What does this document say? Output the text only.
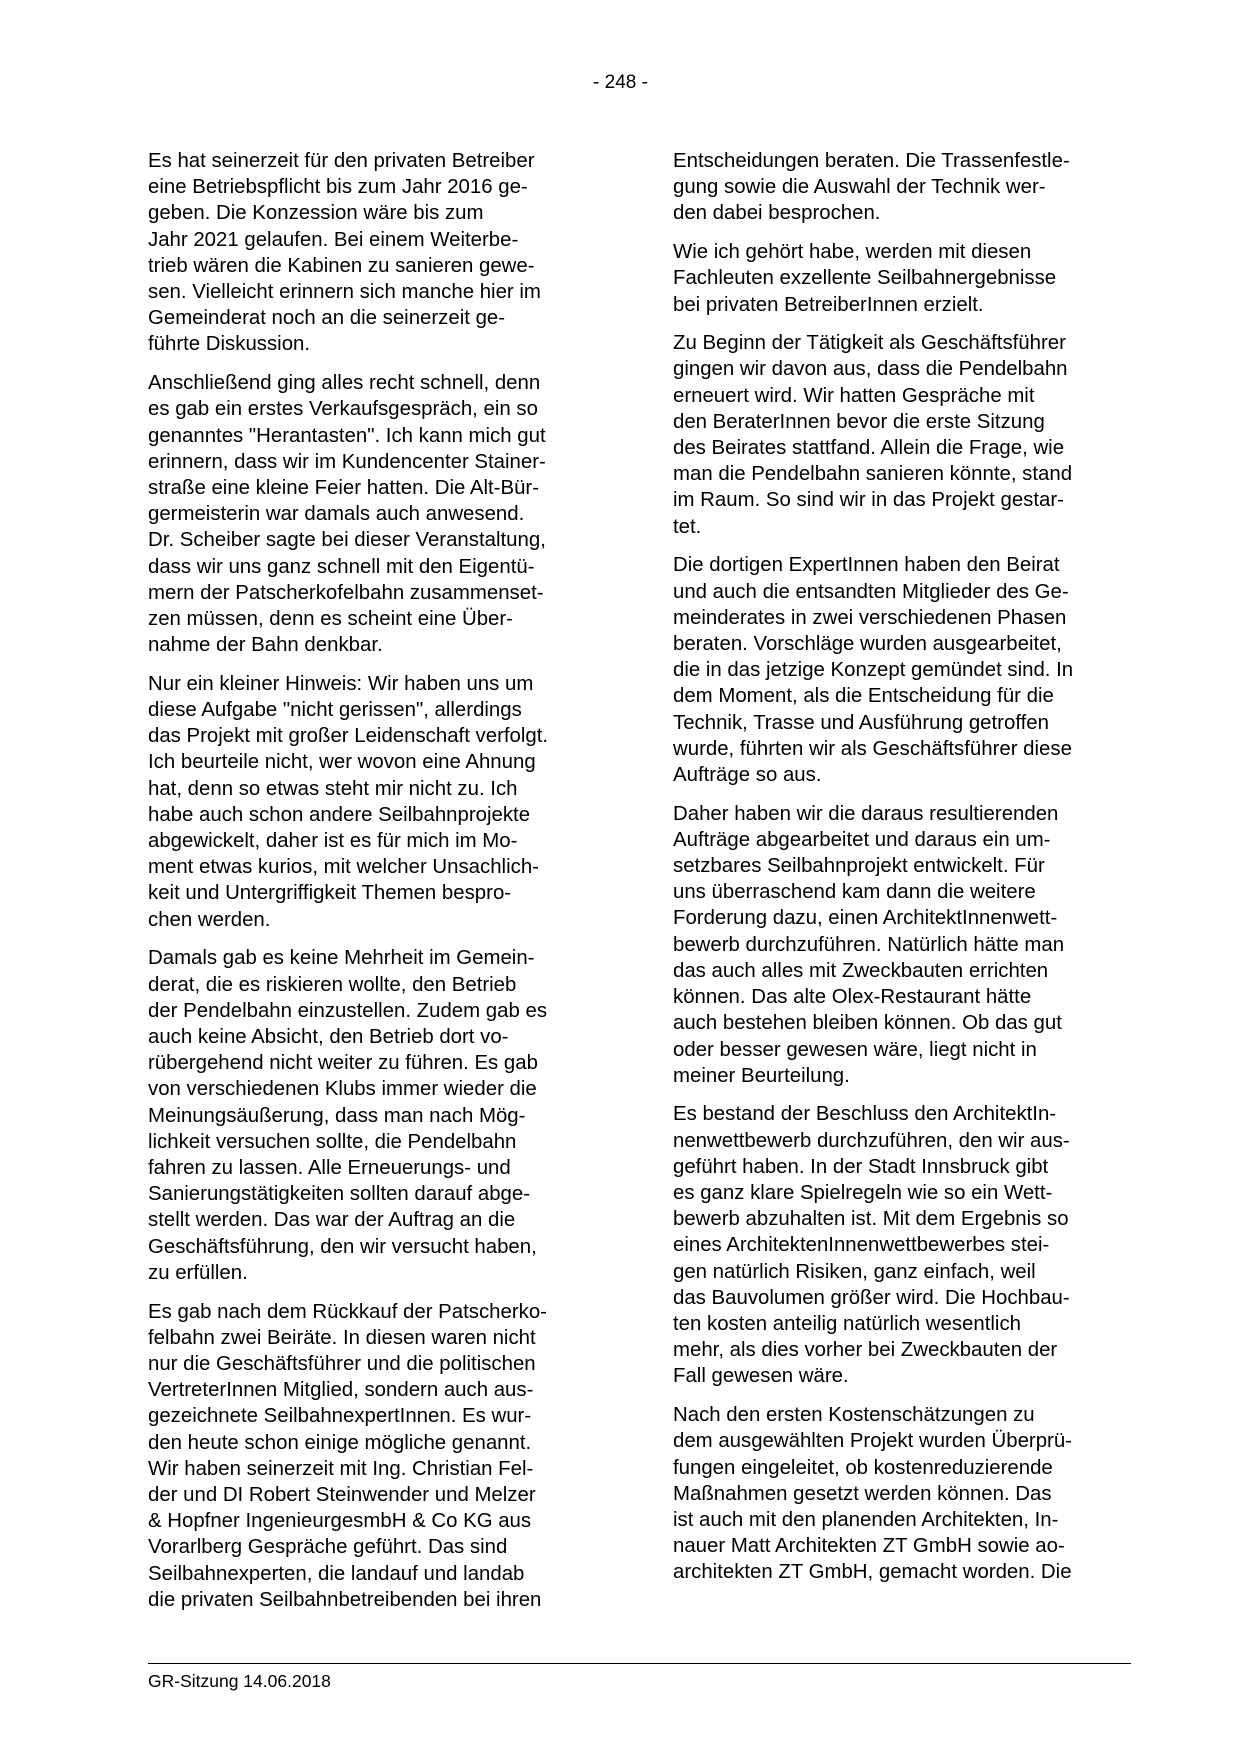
- 248 -

Es hat seinerzeit für den privaten Betreiber
eine Betriebspflicht bis zum Jahr 2016 ge-
geben. Die Konzession wäre bis zum
Jahr 2021 gelaufen. Bei einem Weiterbe-
trieb wären die Kabinen zu sanieren gewe-
sen. Vielleicht erinnern sich manche hier im
Gemeinderat noch an die seinerzeit ge-
führte Diskussion.

Anschließend ging alles recht schnell, denn
es gab ein erstes Verkaufsgespräch, ein so
genanntes "Herantasten". Ich kann mich gut
erinnern, dass wir im Kundencenter Stainer-
straße eine kleine Feier hatten. Die Alt-Bür-
germeisterin war damals auch anwesend.
Dr. Scheiber sagte bei dieser Veranstaltung,
dass wir uns ganz schnell mit den Eigentü-
mern der Patscherkofelbahn zusammenset-
zen müssen, denn es scheint eine Über-
nahme der Bahn denkbar.

Nur ein kleiner Hinweis: Wir haben uns um
diese Aufgabe "nicht gerissen", allerdings
das Projekt mit großer Leidenschaft verfolgt.
Ich beurteile nicht, wer wovon eine Ahnung
hat, denn so etwas steht mir nicht zu. Ich
habe auch schon andere Seilbahnprojekte
abgewickelt, daher ist es für mich im Mo-
ment etwas kurios, mit welcher Unsachlich-
keit und Untergriffigkeit Themen bespro-
chen werden.

Damals gab es keine Mehrheit im Gemein-
derat, die es riskieren wollte, den Betrieb
der Pendelbahn einzustellen. Zudem gab es
auch keine Absicht, den Betrieb dort vo-
rübergehend nicht weiter zu führen. Es gab
von verschiedenen Klubs immer wieder die
Meinungsäußerung, dass man nach Mög-
lichkeit versuchen sollte, die Pendelbahn
fahren zu lassen. Alle Erneuerungs- und
Sanierungstätigkeiten sollten darauf abge-
stellt werden. Das war der Auftrag an die
Geschäftsführung, den wir versucht haben,
zu erfüllen.

Es gab nach dem Rückkauf der Patscherko-
felbahn zwei Beiräte. In diesen waren nicht
nur die Geschäftsführer und die politischen
VertreterInnen Mitglied, sondern auch aus-
gezeichnete SeilbahnexpertInnen. Es wur-
den heute schon einige mögliche genannt.
Wir haben seinerzeit mit Ing. Christian Fel-
der und DI Robert Steinwender und Melzer
& Hopfner IngenieurgesmbH & Co KG aus
Vorarlberg Gespräche geführt. Das sind
Seilbahnexperten, die landauf und landab
die privaten Seilbahnbetreibenden bei ihren

Entscheidungen beraten. Die Trassenfestle-
gung sowie die Auswahl der Technik wer-
den dabei besprochen.

Wie ich gehört habe, werden mit diesen
Fachleuten exzellente Seilbahnergebnisse
bei privaten BetreiberInnen erzielt.

Zu Beginn der Tätigkeit als Geschäftsführer
gingen wir davon aus, dass die Pendelbahn
erneuert wird. Wir hatten Gespräche mit
den BeraterInnen bevor die erste Sitzung
des Beirates stattfand. Allein die Frage, wie
man die Pendelbahn sanieren könnte, stand
im Raum. So sind wir in das Projekt gestar-
tet.

Die dortigen ExpertInnen haben den Beirat
und auch die entsandten Mitglieder des Ge-
meinderates in zwei verschiedenen Phasen
beraten. Vorschläge wurden ausgearbeitet,
die in das jetzige Konzept gemündet sind. In
dem Moment, als die Entscheidung für die
Technik, Trasse und Ausführung getroffen
wurde, führten wir als Geschäftsführer diese
Aufträge so aus.

Daher haben wir die daraus resultierenden
Aufträge abgearbeitet und daraus ein um-
setzbares Seilbahnprojekt entwickelt. Für
uns überraschend kam dann die weitere
Forderung dazu, einen ArchitektInnenwett-
bewerb durchzuführen. Natürlich hätte man
das auch alles mit Zweckbauten errichten
können. Das alte Olex-Restaurant hätte
auch bestehen bleiben können. Ob das gut
oder besser gewesen wäre, liegt nicht in
meiner Beurteilung.

Es bestand der Beschluss den ArchitektIn-
nenwettbewerb durchzuführen, den wir aus-
geführt haben. In der Stadt Innsbruck gibt
es ganz klare Spielregeln wie so ein Wett-
bewerb abzuhalten ist. Mit dem Ergebnis so
eines ArchitektenInnenwettbewerbes stei-
gen natürlich Risiken, ganz einfach, weil
das Bauvolumen größer wird. Die Hochbau-
ten kosten anteilig natürlich wesentlich
mehr, als dies vorher bei Zweckbauten der
Fall gewesen wäre.

Nach den ersten Kostenschätzungen zu
dem ausgewählten Projekt wurden Überprü-
fungen eingeleitet, ob kostenreduzierende
Maßnahmen gesetzt werden können. Das
ist auch mit den planenden Architekten, In-
nauer Matt Architekten ZT GmbH sowie ao-
architekten ZT GmbH, gemacht worden. Die

GR-Sitzung 14.06.2018
